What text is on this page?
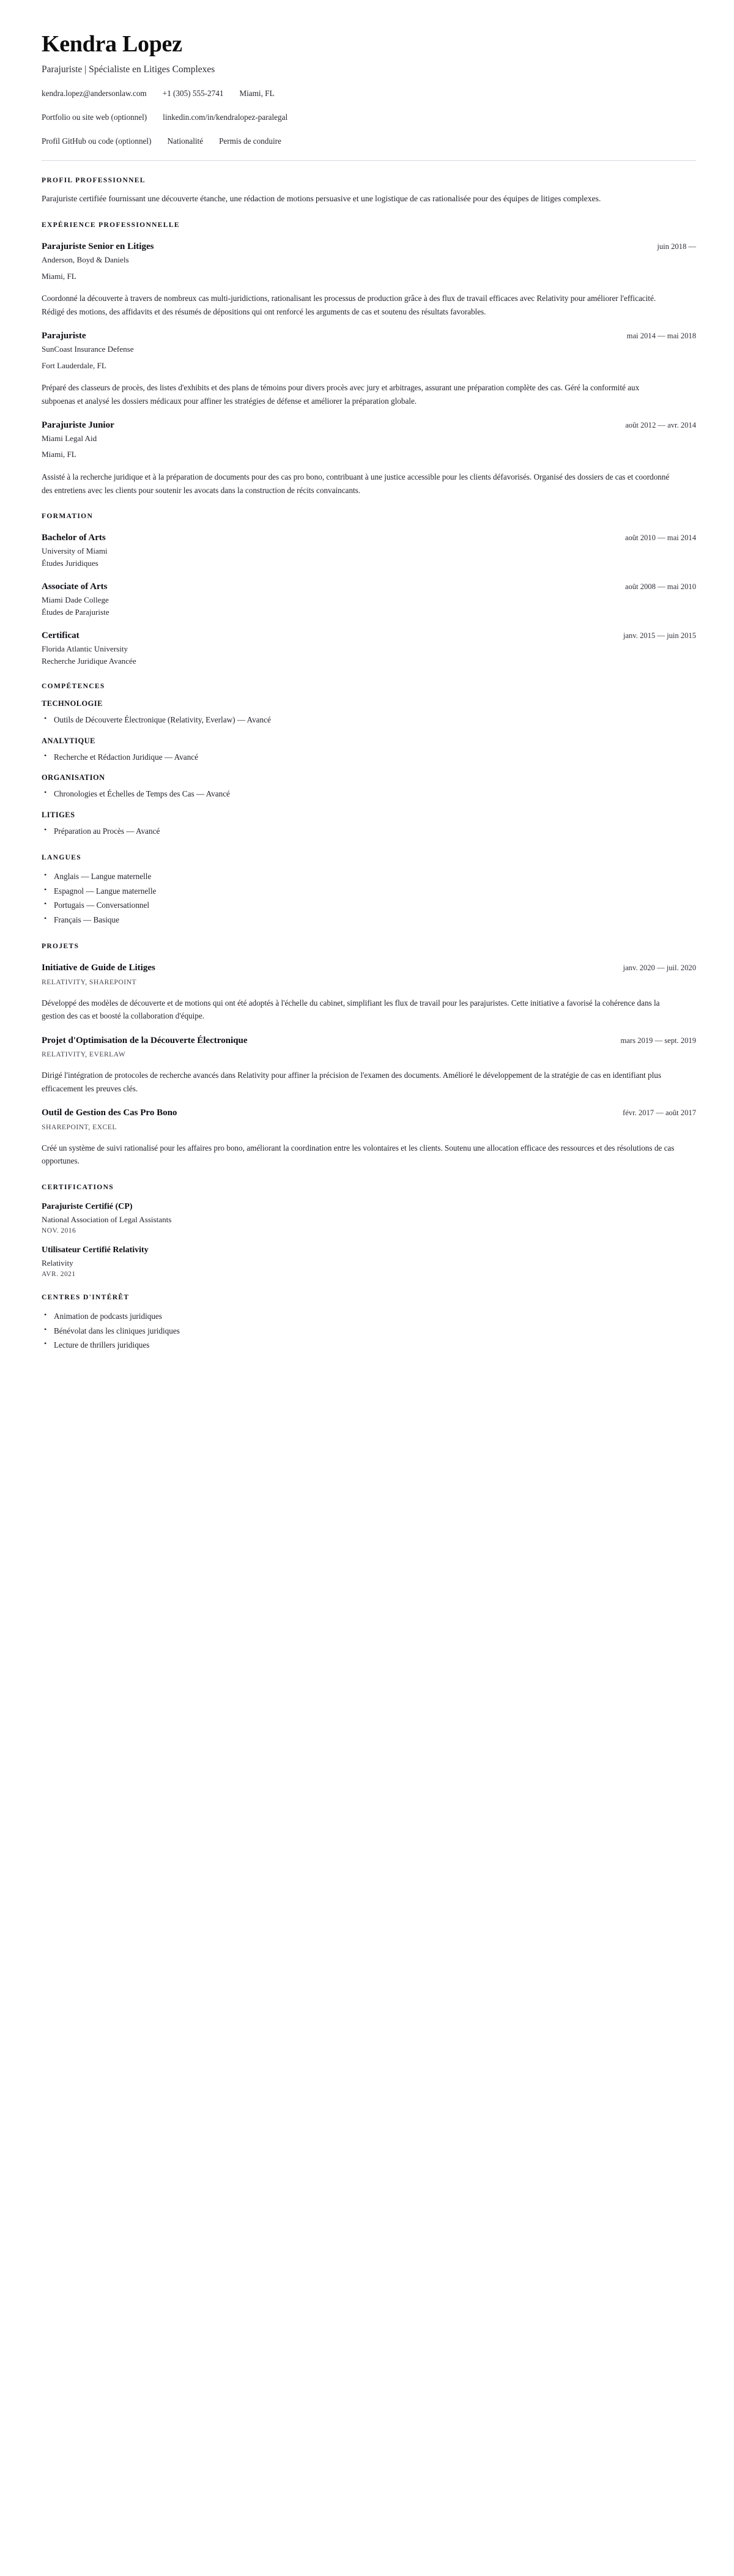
Kendra Lopez
Parajuriste | Spécialiste en Litiges Complexes
kendra.lopez@andersonlaw.com +1 (305) 555-2741 Miami, FL
Portfolio ou site web (optionnel) linkedin.com/in/kendralopez-paralegal
Profil GitHub ou code (optionnel) Nationalité Permis de conduire
PROFIL PROFESSIONNEL

Parajuriste certifiée fournissant une découverte étanche, une rédaction de motions persuasive et une logistique de cas rationalisée pour des équipes de litiges complexes.

EXPÉRIENCE PROFESSIONNELLE
Parajuriste Senior en Litiges	juin 2018 —
Anderson, Boyd & Daniels
Miami, FL

Coordonné la découverte à travers de nombreux cas multi-juridictions, rationalisant les processus de production grâce à des flux de travail efficaces avec Relativity pour améliorer l'efficacité. Rédigé des motions, des affidavits et des résumés de dépositions qui ont renforcé les arguments de cas et soutenu des résultats favorables.

Parajuriste	mai 2014 — mai 2018
SunCoast Insurance Defense
Fort Lauderdale, FL

Préparé des classeurs de procès, des listes d'exhibits et des plans de témoins pour divers procès avec jury et arbitrages, assurant une préparation complète des cas. Géré la conformité aux subpoenas et analysé les dossiers médicaux pour affiner les stratégies de défense et améliorer la préparation globale.

Parajuriste Junior	août 2012 — avr. 2014
Miami Legal Aid
Miami, FL

Assisté à la recherche juridique et à la préparation de documents pour des cas pro bono, contribuant à une justice accessible pour les clients défavorisés. Organisé des dossiers de cas et coordonné des entretiens avec les clients pour soutenir les avocats dans la construction de récits convaincants.

FORMATION
Bachelor of Arts	août 2010 — mai 2014
University of Miami
Études Juridiques
Associate of Arts	août 2008 — mai 2010
Miami Dade College
Études de Parajuriste
Certificat	janv. 2015 — juin 2015
Florida Atlantic University
Recherche Juridique Avancée
COMPÉTENCES
TECHNOLOGIE
• Outils de Découverte Électronique (Relativity, Everlaw) — Avancé
ANALYTIQUE
• Recherche et Rédaction Juridique — Avancé
ORGANISATION
• Chronologies et Échelles de Temps des Cas — Avancé
LITIGES
• Préparation au Procès — Avancé
LANGUES
• Anglais — Langue maternelle
• Espagnol — Langue maternelle
• Portugais — Conversationnel
• Français — Basique
PROJETS
Initiative de Guide de Litiges	janv. 2020 — juil. 2020
RELATIVITY, SHAREPOINT

Développé des modèles de découverte et de motions qui ont été adoptés à l'échelle du cabinet, simplifiant les flux de travail pour les parajuristes. Cette initiative a favorisé la cohérence dans la gestion des cas et boosté la collaboration d'équipe.

Projet d'Optimisation de la Découverte Électronique	mars 2019 — sept. 2019
RELATIVITY, EVERLAW

Dirigé l'intégration de protocoles de recherche avancés dans Relativity pour affiner la précision de l'examen des documents. Amélioré le développement de la stratégie de cas en identifiant plus efficacement les preuves clés.

Outil de Gestion des Cas Pro Bono	févr. 2017 — août 2017
SHAREPOINT, EXCEL

Créé un système de suivi rationalisé pour les affaires pro bono, améliorant la coordination entre les volontaires et les clients. Soutenu une allocation efficace des ressources et des résolutions de cas opportunes.

CERTIFICATIONS
Parajuriste Certifié (CP)
National Association of Legal Assistants
NOV. 2016
Utilisateur Certifié Relativity
Relativity
AVR. 2021
CENTRES D'INTÉRÊT
• Animation de podcasts juridiques
• Bénévolat dans les cliniques juridiques
• Lecture de thrillers juridiques
